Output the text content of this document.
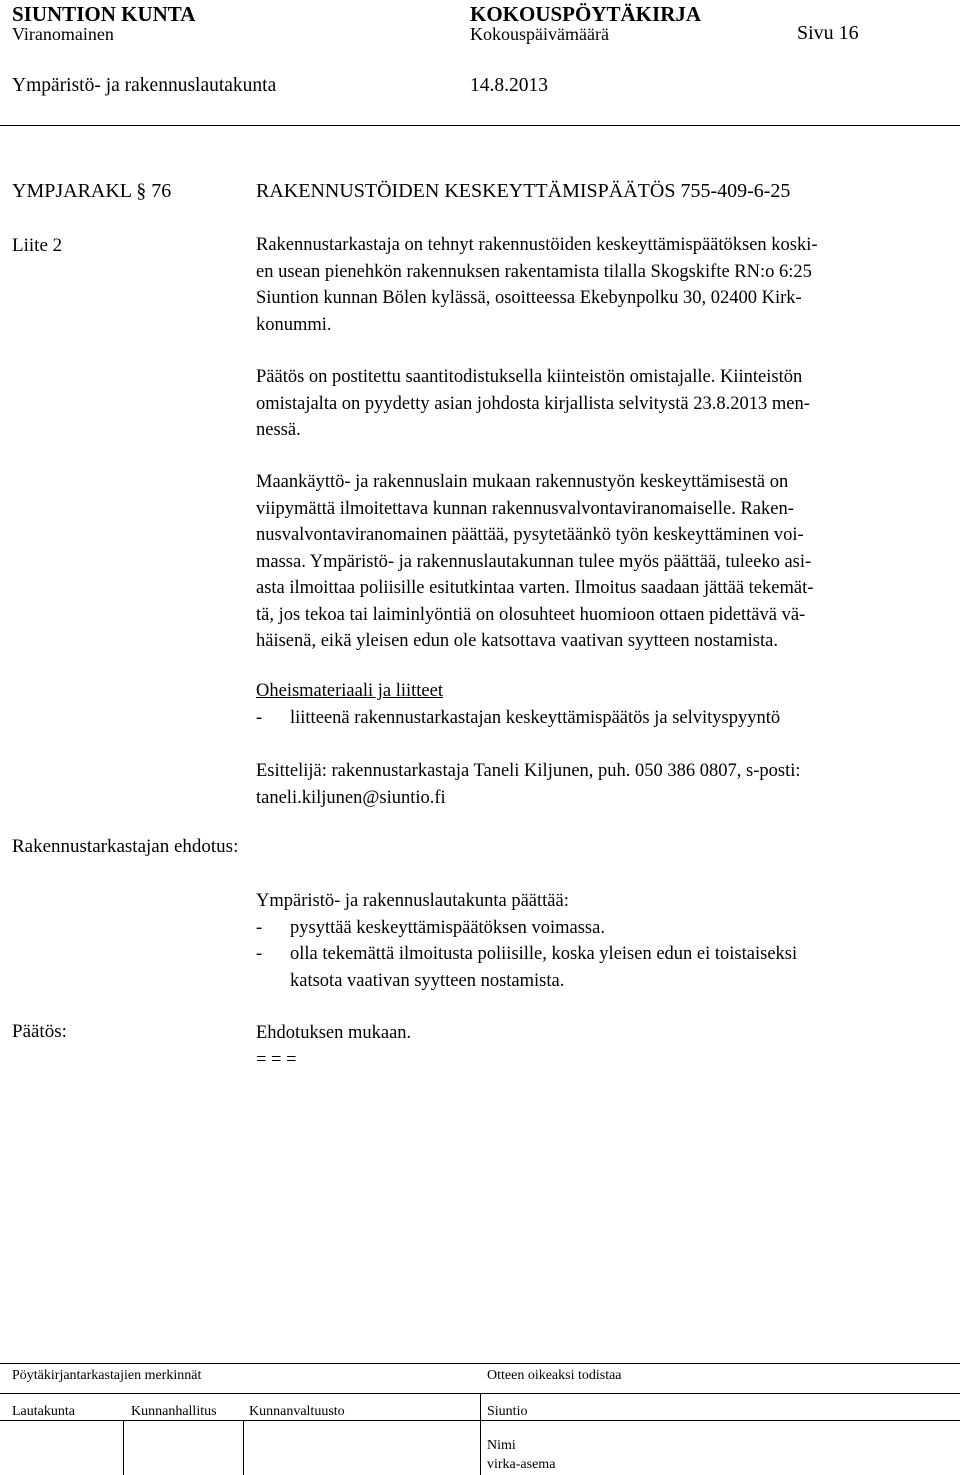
SIUNTION KUNTA	KOKOUSPÖYTÄKIRJA
Viranomainen	Kokouspäivämäärä	Sivu 16
Ympäristö- ja rakennuslautakunta	14.8.2013
YMPJARAKL § 76	RAKENNUSTÖIDEN KESKEYTTÄMISPÄÄTÖS 755-409-6-25
Liite 2	Rakennustarkastaja on tehnyt rakennustöiden keskeyttämispäätöksen koski-
en usean pienehkön rakennuksen rakentamista tilalla Skogskifte RN:o 6:25
Siuntion kunnan Bölen kylässä, osoitteessa Ekebynpolku 30, 02400 Kirk-
konummi.
Päätös on postitettu saantitodistuksella kiinteistön omistajalle. Kiinteistön
omistajalta on pyydetty asian johdosta kirjallista selvitystä 23.8.2013 men-
nessä.
Maankäyttö- ja rakennuslain mukaan rakennustyön keskeyttämisestä on
viipymättä ilmoitettava kunnan rakennusvalvontaviranomaiselle. Raken-
nusvalvontaviranomainen päättää, pysytetäänkö työn keskeyttäminen voi-
massa. Ympäristö- ja rakennuslautakunnan tulee myös päättää, tuleeko asi-
asta ilmoittaa poliisille esitutkintaa varten. Ilmoitus saadaan jättää tekemät-
tä, jos tekoa tai laiminlyöntiä on olosuhteet huomioon ottaen pidettävä vä-
häisenä, eikä yleisen edun ole katsottava vaativan syytteen nostamista.
Oheismateriaali ja liitteet
- liitteenä rakennustarkastajan keskeyttämispäätös ja selvityspyyntö
Esittelijä: rakennustarkastaja Taneli Kiljunen, puh. 050 386 0807, s-posti:
taneli.kiljunen@siuntio.fi
Rakennustarkastajan ehdotus:
Ympäristö- ja rakennuslautakunta päättää:
- pysyttää keskeyttämispäätöksen voimassa.
- olla tekemättä ilmoitusta poliisille, koska yleisen edun ei toistaiseksi
katsota vaativan syytteen nostamista.
Päätös:	Ehdotuksen mukaan.
= = =
Pöytäkirjantarkastajien merkinnät	Otteen oikeaksi todistaa
Lautakunta	Kunnanhallitus Kunnanvaltuusto	Siuntio
Nimi
virka-asema
